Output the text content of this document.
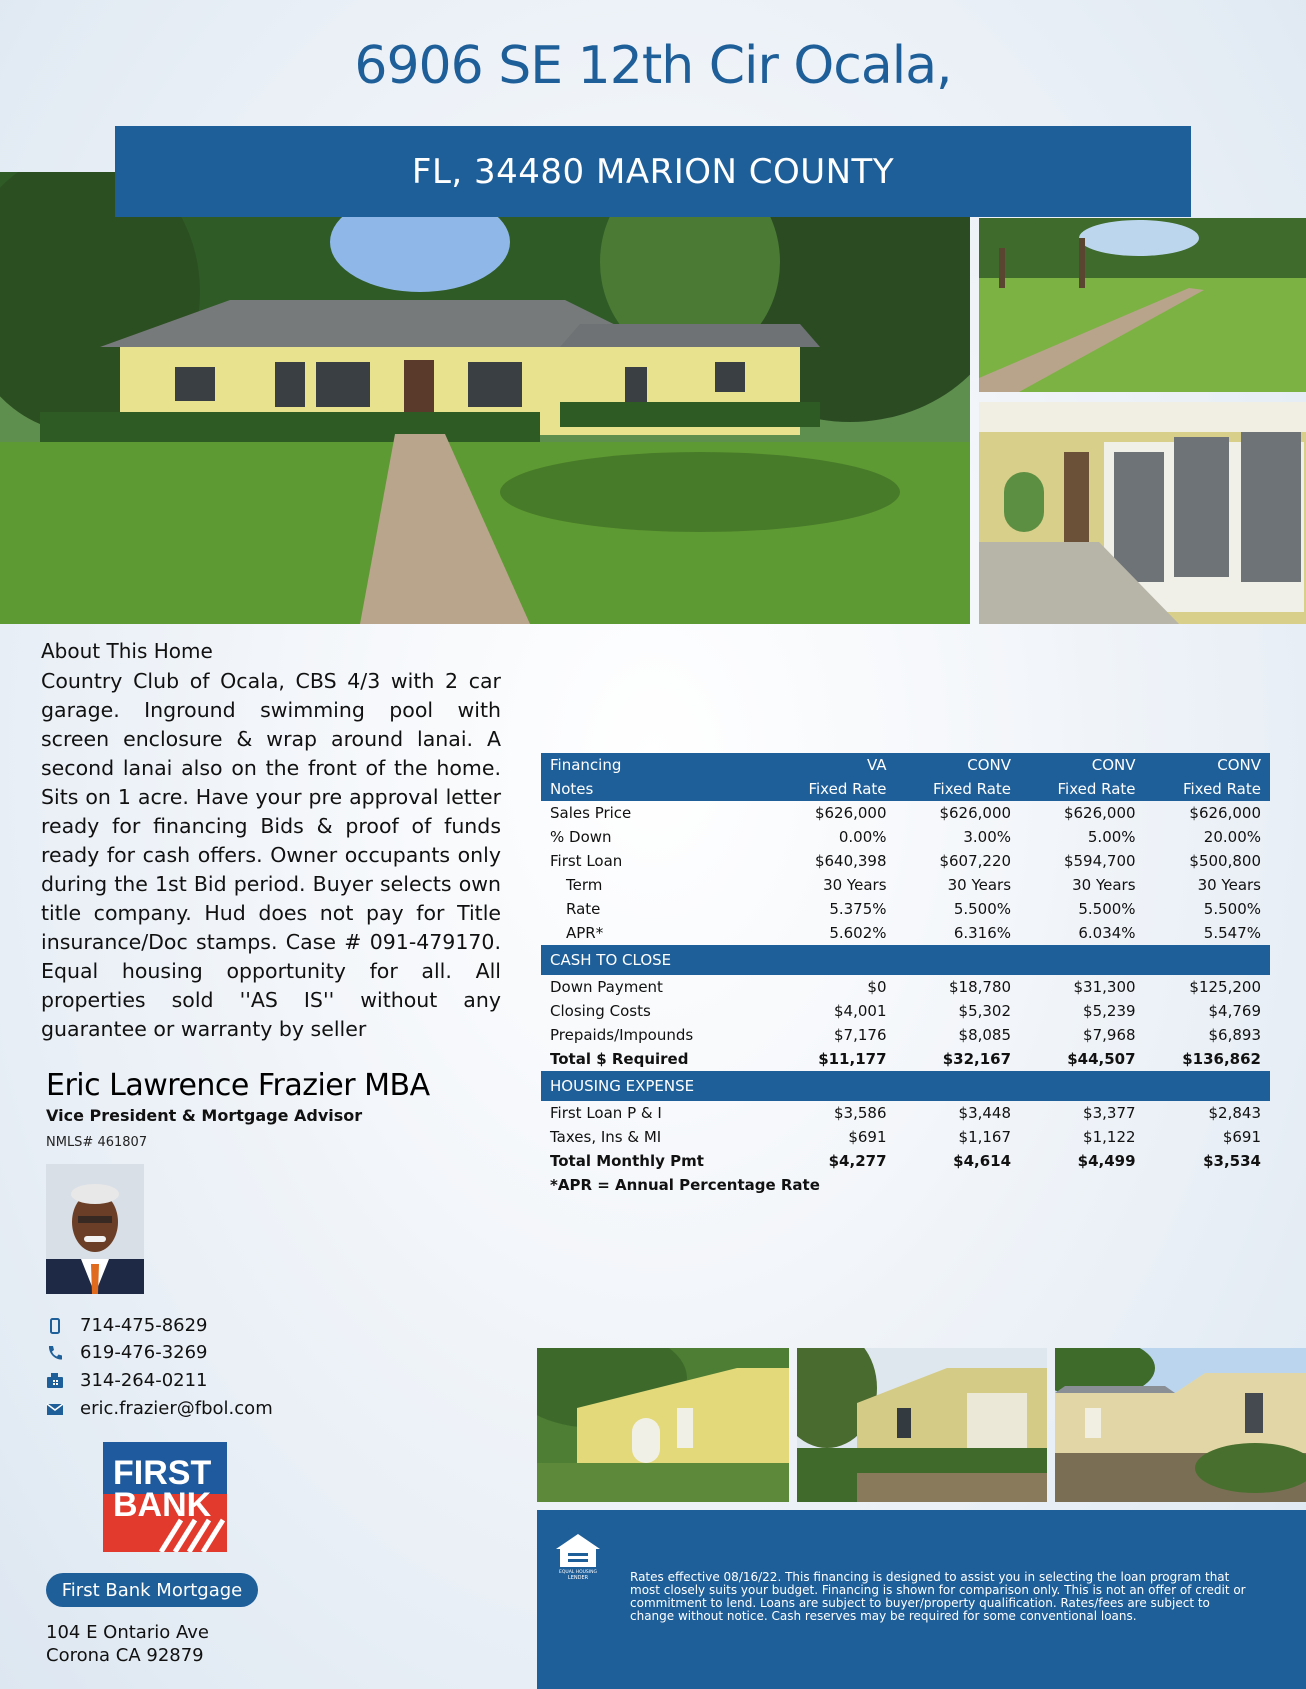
6906 SE 12th Cir Ocala,
FL, 34480 MARION COUNTY
About This Home
Country Club of Ocala, CBS 4/3 with 2 car garage. Inground swimming pool with screen enclosure & wrap around lanai. A second lanai also on the front of the home. Sits on 1 acre. Have your pre approval letter ready for financing Bids & proof of funds ready for cash offers. Owner occupants only during the 1st Bid period. Buyer selects own title company. Hud does not pay for Title insurance/Doc stamps. Case # 091-479170. Equal housing opportunity for all. All properties sold ''AS IS'' without any guarantee or warranty by seller
Financing	VA	CONV	CONV	CONV
Notes	Fixed Rate	Fixed Rate	Fixed Rate	Fixed Rate
Sales Price	$626,000	$626,000	$626,000	$626,000
% Down	0.00%	3.00%	5.00%	20.00%
First Loan	$640,398	$607,220	$594,700	$500,800
Term	30 Years	30 Years	30 Years	30 Years
Rate	5.375%	5.500%	5.500%	5.500%
APR*	5.602%	6.316%	6.034%	5.547%
CASH TO CLOSE				
Down Payment	$0	$18,780	$31,300	$125,200
Closing Costs	$4,001	$5,302	$5,239	$4,769
Prepaids/Impounds	$7,176	$8,085	$7,968	$6,893
Total $ Required	$11,177	$32,167	$44,507	$136,862
HOUSING EXPENSE				
First Loan P & I	$3,586	$3,448	$3,377	$2,843
Taxes, Ins & MI	$691	$1,167	$1,122	$691
Total Monthly Pmt	$4,277	$4,614	$4,499	$3,534
*APR = Annual Percentage Rate				
Eric Lawrence Frazier MBA
Vice President & Mortgage Advisor
NMLS# 461807
714-475-8629
619-476-3269
314-264-0211
eric.frazier@fbol.com
FIRST
BANK
First Bank Mortgage
104 E Ontario Ave
Corona CA 92879
EQUAL HOUSING
LENDER	Rates effective 08/16/22. This financing is designed to assist you in selecting the loan program that most closely suits your budget. Financing is shown for comparison only. This is not an offer of credit or commitment to lend. Loans are subject to buyer/property qualification. Rates/fees are subject to change without notice. Cash reserves may be required for some conventional loans.
